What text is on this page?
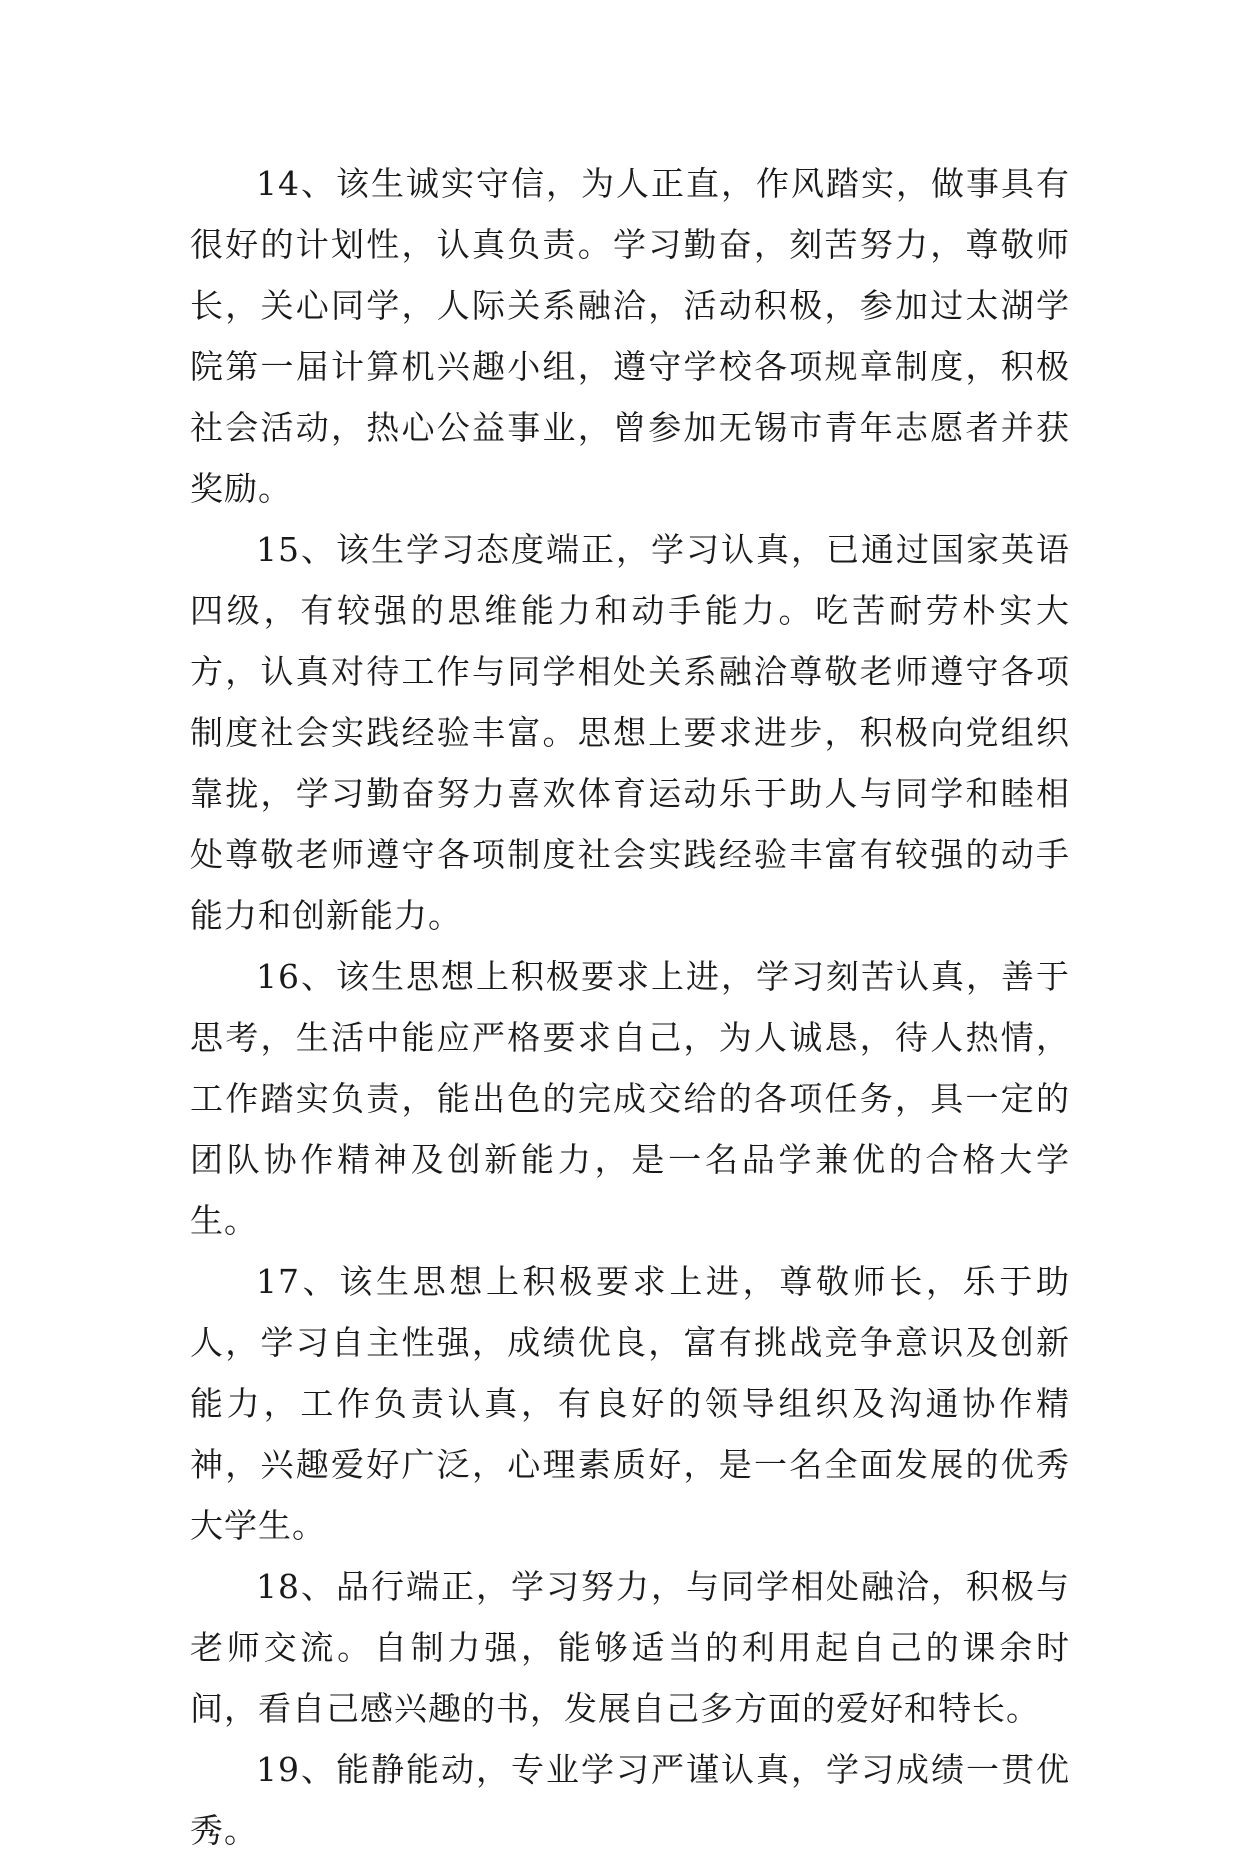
14、该生诚实守信，为人正直，作风踏实，做事具有很好的计划性，认真负责。学习勤奋，刻苦努力，尊敬师长，关心同学，人际关系融洽，活动积极，参加过太湖学院第一届计算机兴趣小组，遵守学校各项规章制度，积极社会活动，热心公益事业，曾参加无锡市青年志愿者并获奖励。

15、该生学习态度端正，学习认真，已通过国家英语四级，有较强的思维能力和动手能力。吃苦耐劳朴实大方，认真对待工作与同学相处关系融洽尊敬老师遵守各项制度社会实践经验丰富。思想上要求进步，积极向党组织靠拢，学习勤奋努力喜欢体育运动乐于助人与同学和睦相处尊敬老师遵守各项制度社会实践经验丰富有较强的动手能力和创新能力。

16、该生思想上积极要求上进，学习刻苦认真，善于思考，生活中能应严格要求自己，为人诚恳，待人热情，工作踏实负责，能出色的完成交给的各项任务，具一定的团队协作精神及创新能力，是一名品学兼优的合格大学生。

17、该生思想上积极要求上进，尊敬师长，乐于助人，学习自主性强，成绩优良，富有挑战竞争意识及创新能力，工作负责认真，有良好的领导组织及沟通协作精神，兴趣爱好广泛，心理素质好，是一名全面发展的优秀大学生。

18、品行端正，学习努力，与同学相处融洽，积极与老师交流。自制力强，能够适当的利用起自己的课余时间，看自己感兴趣的书，发展自己多方面的爱好和特长。

19、能静能动，专业学习严谨认真，学习成绩一贯优秀。
